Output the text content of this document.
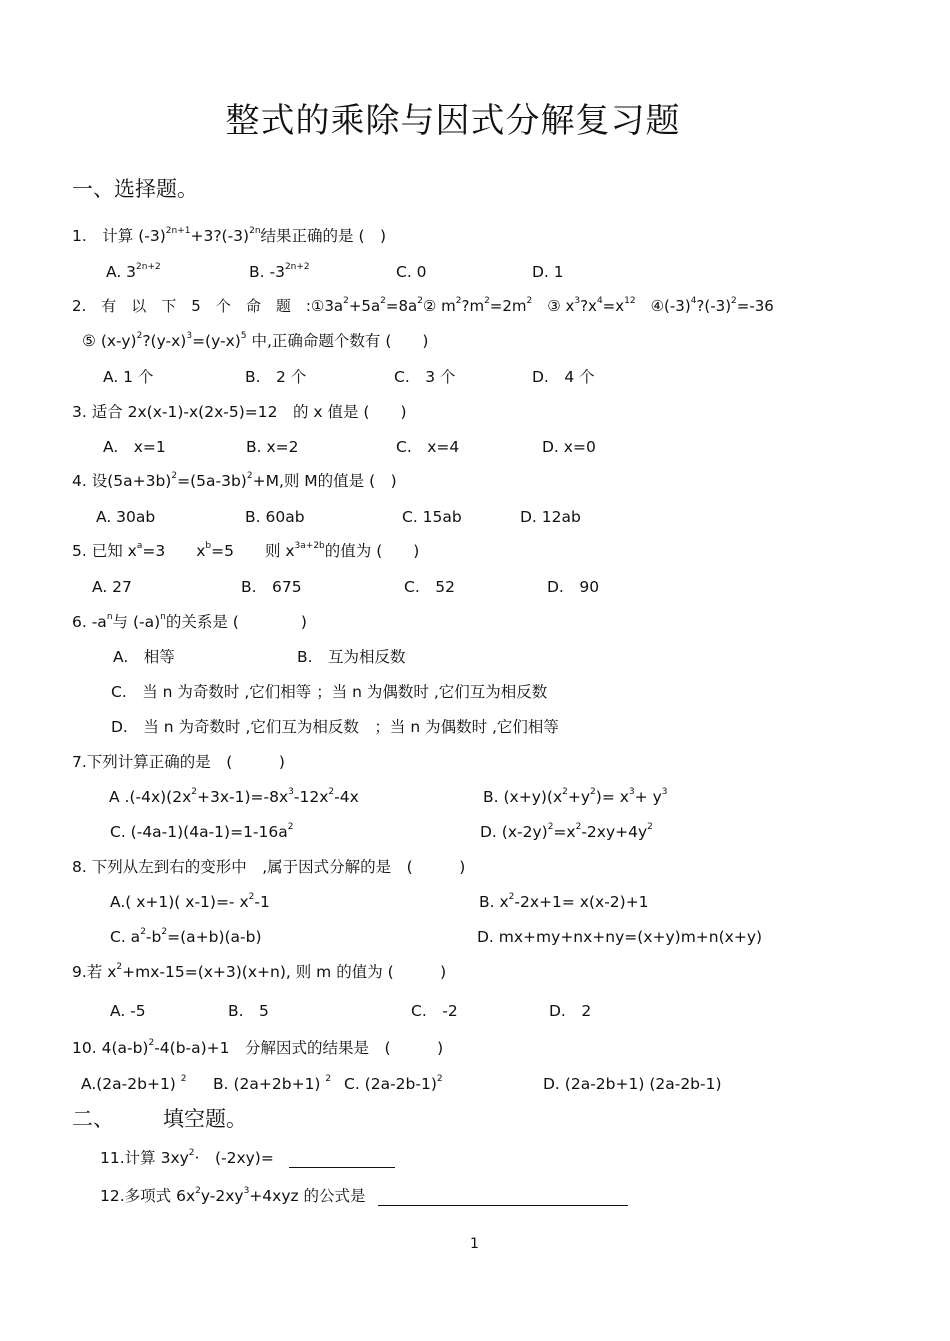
整式的乘除与因式分解复习题
一、选择题。
1.　计算 $(-3)^{2n+1}+3?(-3)^{2n}$结果正确的是 (　)
A. $3^{2n+2}$	B. $-3^{2n+2}$	C. 0	D. 1
2.　有　以　下　5　个　命　题　$:①3a^2+5a^2=8a^2②$ $m^2?m^2=2m^2$　③ $x^3?x^4=x^{12}$　$④(-3)^4?(-3)^2=-36$
⑤ $(x-y)^2?(y-x)^3=(y-x)^5$ 中,正确命题个数有 (　　)
A. 1 个	B.　2 个	C.　3 个	D.　4 个
3. 适合 2x(x-1)-x(2x-5)=12　的 x 值是 (　　)
A.　x=1	B. x=2	C.　x=4	D. x=0
4. 设$(5a+3b)^2=(5a-3b)^2+M$,则 M的值是 (　)
A. 30ab	B. 60ab	C. 15ab	D. 12ab
5. 已知 $x^a=3$　　$x^b=5$　　则 $x^{3a+2b}$的值为 (　　)
A. 27	B.　675	C.　52	D.　90
6. $-a^n$与 $(-a)^n$的关系是 (　　　　)
A.　相等	B.　互为相反数
C.　当 n 为奇数时 ,它们相等 ；当 n 为偶数时 ,它们互为相反数
D.　当 n 为奇数时 ,它们互为相反数　；当 n 为偶数时 ,它们相等
7.下列计算正确的是　(　　　)
A $.(-4x)(2x^2+3x-1)=-8x^3-12x^2-4x$	B. $(x+y)(x^2+y^2)= x^3+ y^3$
C. $(-4a-1)(4a-1)=1-16a^2$	D. $(x-2y)^2=x^2-2xy+4y^2$
8. 下列从左到右的变形中　,属于因式分解的是　(　　　)
A.( x+1)( x-1)=- $x^2-1$	B. $x^2-2x+1= x(x-2)+1$
C. $a^2-b^2=(a+b)(a-b)$	D. mx+my+nx+ny=(x+y)m+n(x+y)
9.若 $x^2+mx-15=(x+3)(x+n)$, 则 m 的值为 (　　　)
A. -5	B.　5	C.　-2	D.　2
10. $4(a-b)^2-4(b-a)+1$　分解因式的结果是　(　　　)
A.(2a-2b+1) $^2$ B. (2a+2b+1) $^2$ C. $(2a-2b-1)^2$	D. (2a-2b+1) (2a-2b-1)
二、 填空题。
11.计算 $3xy^2\cdot$　(-2xy)=　
12.多项式 $6x^2y-2xy^3+4xyz$ 的公式是
1
